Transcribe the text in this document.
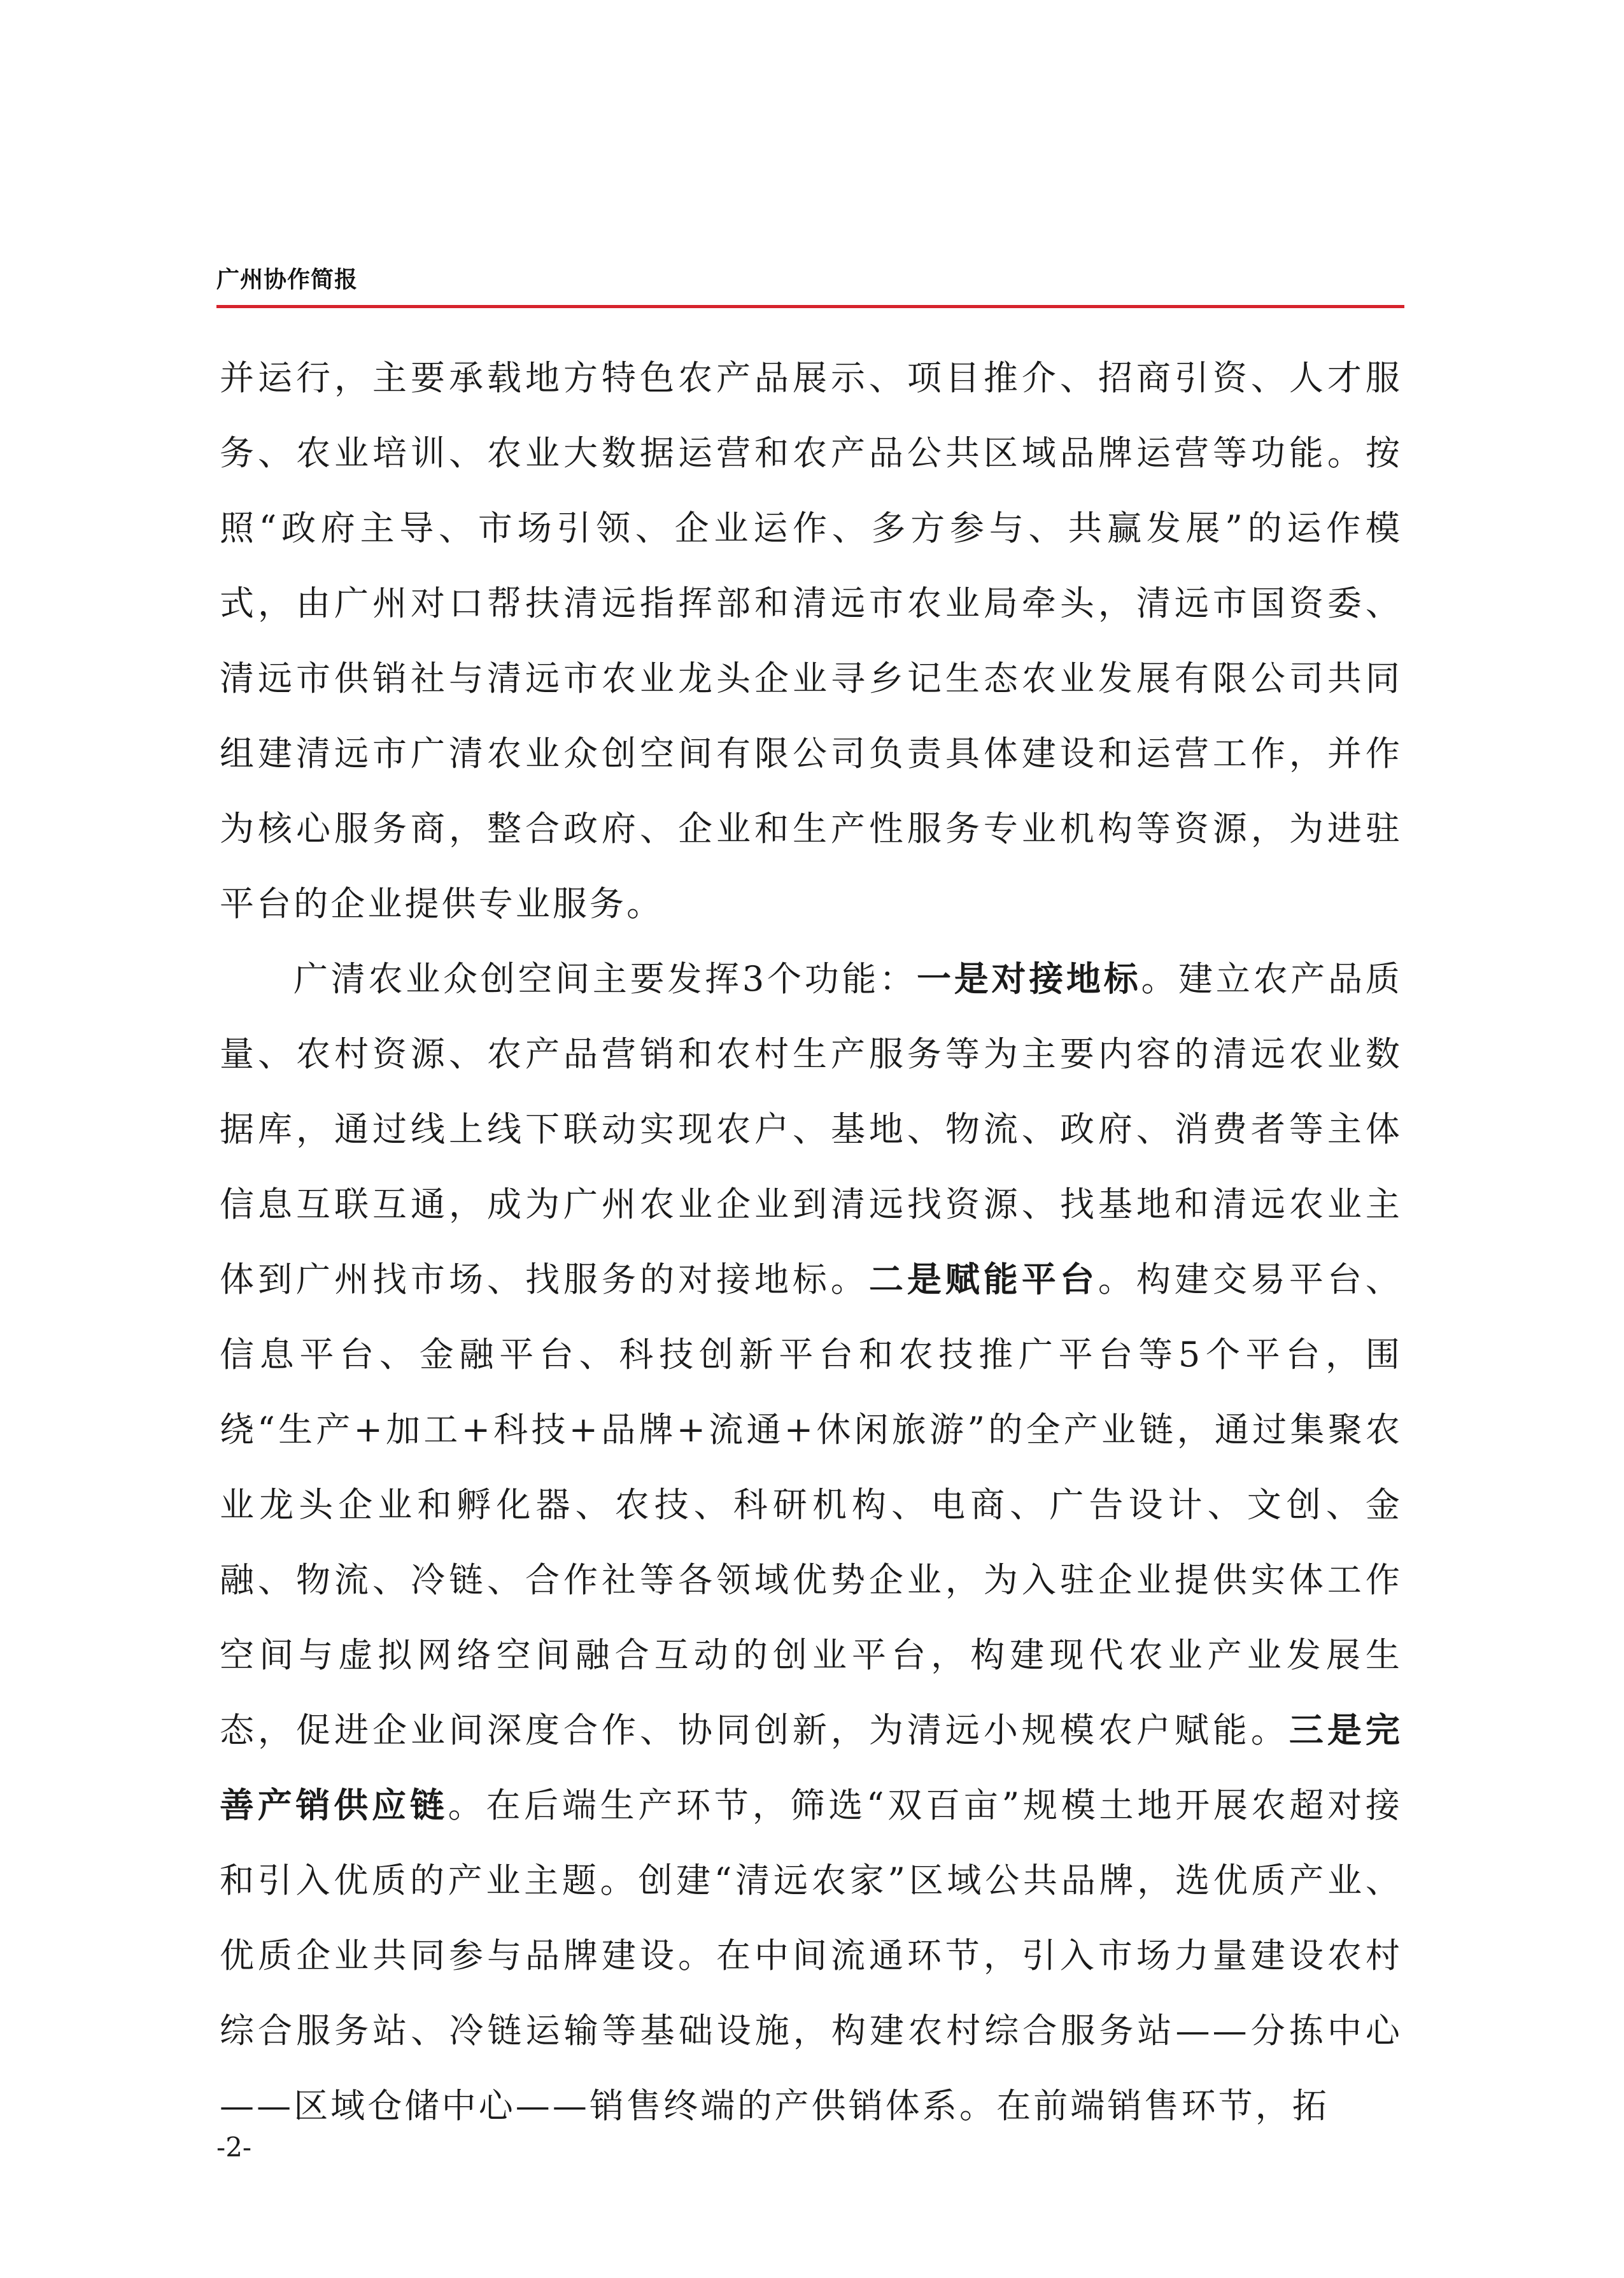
广州协作简报

并运行，主要承载地方特色农产品展示、项目推介、招商引资、人才服务、农业培训、农业大数据运营和农产品公共区域品牌运营等功能。按照“政府主导、市场引领、企业运作、多方参与、共赢发展”的运作模式，由广州对口帮扶清远指挥部和清远市农业局牵头，清远市国资委、清远市供销社与清远市农业龙头企业寻乡记生态农业发展有限公司共同组建清远市广清农业众创空间有限公司负责具体建设和运营工作，并作为核心服务商，整合政府、企业和生产性服务专业机构等资源，为进驻平台的企业提供专业服务。

广清农业众创空间主要发挥3个功能：一是对接地标。建立农产品质量、农村资源、农产品营销和农村生产服务等为主要内容的清远农业数据库，通过线上线下联动实现农户、基地、物流、政府、消费者等主体信息互联互通，成为广州农业企业到清远找资源、找基地和清远农业主体到广州找市场、找服务的对接地标。二是赋能平台。构建交易平台、信息平台、金融平台、科技创新平台和农技推广平台等5个平台，围绕“生产+加工+科技+品牌+流通+休闲旅游”的全产业链，通过集聚农业龙头企业和孵化器、农技、科研机构、电商、广告设计、文创、金融、物流、冷链、合作社等各领域优势企业，为入驻企业提供实体工作空间与虚拟网络空间融合互动的创业平台，构建现代农业产业发展生态，促进企业间深度合作、协同创新，为清远小规模农户赋能。三是完善产销供应链。在后端生产环节，筛选“双百亩”规模土地开展农超对接和引入优质的产业主题。创建“清远农家”区域公共品牌，选优质产业、优质企业共同参与品牌建设。在中间流通环节，引入市场力量建设农村综合服务站、冷链运输等基础设施，构建农村综合服务站——分拣中心——区域仓储中心——销售终端的产供销体系。在前端销售环节，拓

-2-
